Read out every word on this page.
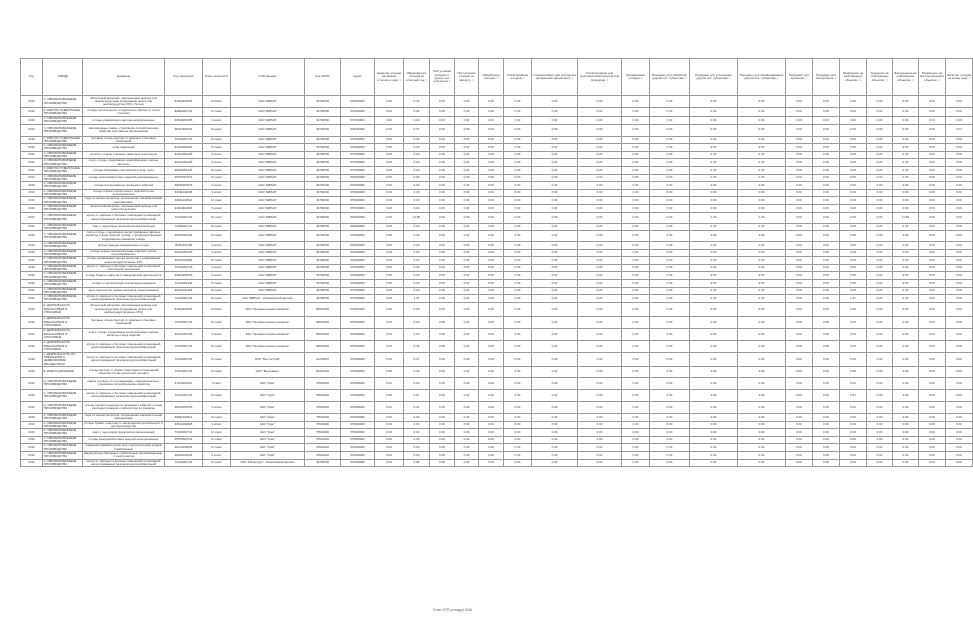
Год	ОКВЭД	Название	Код продукции	Класс опасности	Собственник	Код ОКПО	Адрес	Наличие отходов на начало отчетного года, т	Образовалось отходов за отчетный год, т	Поступление отходов от других хоз. субъектов, т	Поступление отходов по импорту, т	Обработано отходов, т	Утилизировано отходов, т	Утилизировано для повторного применения (рециклинг), т	Утилизировано для получения компонентов или продукции, т	Обезврежено отходов, т	Передано для обработки другим хоз. субъектам, т	Передано для утилизации другим хоз. субъектам, т	Передано для обезвреживания другим хоз. субъектам, т	Передано для хранения, т	Передано для захоронения, т	Размещено на собственных объектах, т	Хранение на собственных объектах, т	Захоронение на собственных объектах, т	Размещено на эксплуатируемых объектах, т	Наличие отходов на конец года, т
2016	C. ОБРАБАТЫВАЮЩИЕ ПРОИЗВОДСТВА	обтирочный материал, загрязненный нефтью или нефтепродуктами (содержание нефти или нефтепродуктов 15% и более)	91920402604	III класс	ОАО "ЕВРАЗ"	34766000	620026000	0.00	0.41	0.00	0.00	0.00	0.00	0.00	0.00	0.00	0.00	0.00	0.00	0.00	0.00	0.00	0.00	0.00	0.00	0.00
2016	F. РАБОТЫ ОТДЕЛОЧНЫЕ ПРОИЗВОДСТВА	отходы строительного и отделочного мусора от сноса строения	89000001724	IV класс	ОАО "ЕВРАЗ"	34766000	570000000	0.00	0.93	0.00	0.00	0.00	0.00	0.00	0.00	0.00	0.00	0.00	0.00	0.00	0.00	0.00	0.00	0.00	0.00	0.00
2016	C. ОБРАБАТЫВАЮЩИЕ ПРОИЗВОДСТВА	отходы упаковочного картона незагрязненные	40518201605	V класс	ОАО "ЕВРАЗ"	34766000	570000000	0.00	0.00	0.00	0.00	0.00	0.00	0.00	0.00	0.00	0.00	0.00	0.00	0.00	0.00	0.00	0.00	0.00	0.00	0.00
2016	C. ОБРАБАТЫВАЮЩИЕ ПРОИЗВОДСТВА	светодиодные лампы, утратившие потребительские свойства (при замене светильников)	48241501524	III класс	ОАО "ЕВРАЗ"	34766000	620026000	0.00	0.07	0.00	0.00	0.00	0.00	0.00	0.00	0.00	0.00	0.00	0.00	0.00	0.00	0.00	0.00	0.00	0.00	0.01
2016	F. РАБОТЫ ОТДЕЛОЧНЫЕ ПРОИЗВОДСТВА	бытовые отходы (мусор) от офисных и бытовых помещений	73310001724	IV класс	ОАО "ЕВРАЗ"	34766000	570000000	0.00	0.00	0.00	0.00	0.00	0.00	0.00	0.00	0.00	0.00	0.00	0.00	0.00	0.00	0.00	0.00	0.00	0.00	0.00
2016	C. ОБРАБАТЫВАЮЩИЕ ПРОИЗВОДСТВА	шлак сварочный	91910002204	IV класс	ОАО "ЕВРАЗ"	34766000	570000000	0.00	0.00	0.00	0.00	0.00	0.00	0.00	0.00	0.00	0.00	0.00	0.00	0.00	0.00	0.00	0.00	0.00	0.00	0.00
2016	C. ОБРАБАТЫВАЮЩИЕ ПРОИЗВОДСТВА	остатки и огарки стальных сварочных электродов	91910001205	V класс	ОАО "ЕВРАЗ"	34766000	570000000	0.00	0.00	0.00	0.00	0.00	0.00	0.00	0.00	0.00	0.00	0.00	0.00	0.00	0.00	0.00	0.00	0.00	0.00	0.00
2016	C. ОБРАБАТЫВАЮЩИЕ ПРОИЗВОДСТВА	лом и отходы, содержащие незагрязненные черные металлы	46101001205	V класс	ОАО "ЕВРАЗ"	34766000	570000000	0.00	0.00	0.00	0.00	0.00	0.00	0.00	0.00	0.00	0.00	0.00	0.00	0.00	0.00	0.00	0.00	0.00	0.00	0.00
2016	F. РАБОТЫ ОТДЕЛОЧНЫЕ ПРОИЗВОДСТВА	отходы абразивных материалов в виде пыли	45620051424	IV класс	ОАО "ЕВРАЗ"	34766000	570000000	0.00	0.00	0.00	0.00	0.00	0.00	0.00	0.00	0.00	0.00	0.00	0.00	0.00	0.00	0.00	0.00	0.00	0.00	0.00
2016	C. ОБРАБАТЫВАЮЩИЕ ПРОИЗВОДСТВА	отходы резиноасбестовых изделий незагрязненные	45570000714	IV класс	ОАО "ЕВРАЗ"	34766000	570000000	0.00	0.00	0.00	0.00	0.00	0.00	0.00	0.00	0.00	0.00	0.00	0.00	0.00	0.00	0.00	0.00	0.00	0.00	0.00
2016	C. ОБРАБАТЫВАЮЩИЕ ПРОИЗВОДСТВА	отходы изолированных проводов и кабелей	48230201525	V класс	ОАО "ЕВРАЗ"	34766000	570000000	0.00	0.00	0.00	0.00	0.00	0.00	0.00	0.00	0.00	0.00	0.00	0.00	0.00	0.00	0.00	0.00	0.00	0.00	0.00
2016	C. ОБРАБАТЫВАЮЩИЕ ПРОИЗВОДСТВА	отходы пленки полиэтилена и изделий из нее незагрязненные	43411002295	V класс	ОАО "ЕВРАЗ"	34766000	570000000	0.00	0.19	0.00	0.00	0.00	0.00	0.00	0.00	0.00	0.00	0.00	0.00	0.00	0.00	0.00	0.00	0.00	0.00	0.00
2016	C. ОБРАБАТЫВАЮЩИЕ ПРОИЗВОДСТВА	тара из черных металлов, загрязненная лакокрасочными материалами	46811202514	IV класс	ОАО "ЕВРАЗ"	34766000	570000000	0.00	0.00	0.00	0.00	0.00	0.00	0.00	0.00	0.00	0.00	0.00	0.00	0.00	0.00	0.00	0.00	0.00	0.00	0.00
2016	C. ОБРАБАТЫВАЮЩИЕ ПРОИЗВОДСТВА	обтирочный материал, загрязненный нефтью или нефтепродуктами	91920402604	III класс	ОАО "ЕВРАЗ"	34766000	570000000	0.00	0.00	0.00	0.00	0.00	0.00	0.00	0.00	0.00	0.00	0.00	0.00	0.00	0.00	0.00	0.00	0.00	0.00	0.00
2016	C. ОБРАБАТЫВАЮЩИЕ ПРОИЗВОДСТВА	мусор от офисных и бытовых помещений организаций несортированный (исключая крупногабаритный)	73310001724	IV класс	ОАО "ЕВРАЗ"	34766000	570000000	0.00	11.80	0.00	0.00	0.00	0.00	0.00	0.00	0.00	0.00	0.00	0.00	0.00	0.00	0.00	0.00	11.80	0.00	0.00
2016	C. ОБРАБАТЫВАЮЩИЕ ПРОИЗВОДСТВА	смет с территории предприятия малоопасный	73339001714	IV класс	ОАО "ЕВРАЗ"	34766000	620026000	0.00	0.00	0.00	0.00	0.00	0.00	0.00	0.00	0.00	0.00	0.00	0.00	0.00	0.00	0.00	0.00	0.00	0.00	0.00
2016	C. ОБРАБАТЫВАЮЩИЕ ПРОИЗВОДСТВА	лом и отходы, содержащие несортированные цветные металлы, в виде изделий, кусков, с преимущественным содержанием алюминия и меди	46200001204	IV класс	ОАО "ЕВРАЗ"	34766000	570000000	0.00	0.00	0.00	0.00	0.00	0.00	0.00	0.00	0.00	0.00	0.00	0.00	0.00	0.00	0.00	0.00	0.00	0.00	0.00
2016	C. ОБРАБАТЫВАЮЩИЕ ПРОИЗВОДСТВА	прочие твердые минеральные отходы	30051112105	V класс	ОАО "ЕВРАЗ"	34766000	570000000	0.00	0.00	0.00	0.00	0.00	0.00	0.00	0.00	0.00	0.00	0.00	0.00	0.00	0.00	0.00	0.00	0.00	0.00	0.00
2016	C. ОБРАБАТЫВАЮЩИЕ ПРОИЗВОДСТВА	отходы черных металлов в виде изделий, кусков, несортированные	46101001205	V класс	ОАО "ЕВРАЗ"	34766000	570000000	0.00	0.00	0.00	0.00	0.00	0.00	0.00	0.00	0.00	0.00	0.00	0.00	0.00	0.00	0.00	0.00	0.00	0.00	0.00
2016	C. ОБРАБАТЫВАЮЩИЕ ПРОИЗВОДСТВА	отходы шлифования черных металлов с содержанием нефтепродуктов менее 15%	36122102394	IV класс	ОАО "ЕВРАЗ"	34766000	570000000	0.00	0.00	0.00	0.00	0.00	0.00	0.00	0.00	0.00	0.00	0.00	0.00	0.00	0.00	0.00	0.00	0.00	0.00	0.00
2016	C. ОБРАБАТЫВАЮЩИЕ ПРОИЗВОДСТВА	мусор от офисных и бытовых помещений организаций практически неопасный	73310002725	V класс	ОАО "ЕВРАЗ"	34766000	570000000	0.00	0.00	0.00	0.00	0.00	0.00	0.00	0.00	0.00	0.00	0.00	0.00	0.00	0.00	0.00	0.00	0.00	0.00	0.00
2016	C. ОБРАБАТЫВАЮЩИЕ ПРОИЗВОДСТВА	отходы бумаги и картона от канцелярской деятельности	40512202605	V класс	ОАО "ЕВРАЗ"	34766000	570000000	0.00	0.00	0.00	0.00	0.00	0.00	0.00	0.00	0.00	0.00	0.00	0.00	0.00	0.00	0.00	0.00	0.00	0.00	0.00
2016	C. ОБРАБАТЫВАЮЩИЕ ПРОИЗВОДСТВА	отходы от эксплуатации систем водоотведения	72210001394	IV класс	ОАО "ЕВРАЗ"	34766000	570000000	0.00	0.00	0.00	0.00	0.00	0.00	0.00	0.00	0.00	0.00	0.00	0.00	0.00	0.00	0.00	0.00	0.00	0.00	0.00
2016	C. ОБРАБАТЫВАЮЩИЕ ПРОИЗВОДСТВА	пыль газоочистки черных металлов незагрязненная	36122101424	IV класс	ОАО "ЕВРАЗ"	34766000	570000000	0.00	0.00	0.00	0.00	0.00	0.00	0.00	0.00	0.00	0.00	0.00	0.00	0.00	0.00	0.00	0.00	0.00	0.00	0.00
2016	C. ОБРАБАТЫВАЮЩИЕ ПРОИЗВОДСТВА	мусор от офисных и бытовых помещений организаций несортированный (исключая крупногабаритный)	73310001724	IV класс	ОАО "ЕВРАЗ" - Качканарский филиал	34766000	570000000	0.00	1.37	0.00	0.00	0.00	0.00	0.00	0.00	0.00	0.00	0.00	0.00	0.00	0.00	1.37	0.00	0.00	0.00	0.00
2016	К. ДЕЯТЕЛЬНОСТЬ ФИНАНСОВАЯ И СТРАХОВАЯ	обтирочный материал, загрязненный нефтью или нефтепродуктами (содержание нефти или нефтепродуктов менее 15%)	91920402604	III класс	ЗАО "Промышленная компания"	56622000	570000000	0.00	0.00	0.00	0.00	0.00	0.00	0.00	0.00	0.00	0.00	0.00	0.00	0.00	0.00	0.00	0.00	0.00	0.00	0.00
2016	К. ДЕЯТЕЛЬНОСТЬ ФИНАНСОВАЯ И СТРАХОВАЯ	бытовые отходы (мусор) от офисных и бытовых помещений	73310001724	IV класс	ЗАО "Промышленная компания"	56622000	570000000	0.00	0.00	0.00	0.00	0.00	0.00	0.00	0.00	0.00	0.00	0.00	0.00	0.00	0.00	0.00	0.00	0.00	0.00	0.00
2016	К. ДЕЯТЕЛЬНОСТЬ ФИНАНСОВАЯ И СТРАХОВАЯ	лом и отходы, содержащие незагрязненные черные металлы в виде изделий	46101001205	V класс	ЗАО "Промышленная компания"	56622000	570000000	0.00	0.00	0.00	0.00	0.00	0.00	0.00	0.00	0.00	0.00	0.00	0.00	0.00	0.00	0.00	0.00	0.00	0.00	0.00
2016	К. ДЕЯТЕЛЬНОСТЬ ФИНАНСОВАЯ И СТРАХОВАЯ	мусор от офисных и бытовых помещений организаций несортированный (исключая крупногабаритный)	73310001724	IV класс	ЗАО "Промышленная компания"	56622000	570000000	0.00	0.35	0.00	0.00	0.00	0.00	0.00	0.00	0.00	0.00	0.00	0.00	0.00	0.00	0.00	0.00	0.00	0.00	0.00
2016	L. ДЕЯТЕЛЬНОСТЬ ПО ОПЕРАЦИЯМ С НЕДВИЖИМЫМ ИМУЩЕСТВОМ	мусор от офисных и бытовых помещений организаций несортированный (исключая крупногабаритный)	73310001724	IV класс	ОАО "Мостострой"	01234567	570000000	0.00	0.07	0.00	0.00	0.00	0.00	0.00	0.00	0.00	0.00	0.00	0.00	0.00	0.00	0.00	0.00	0.00	0.00	0.00
2016	Е. ВОДОСНАБЖЕНИЕ	отходы (мусор) от уборки территории и помещений объектов оптово-розничной торговли	73510001724	IV класс	ОАО "Водоканал"	54312000	570000000	0.00	0.00	0.00	0.00	0.00	0.00	0.00	0.00	0.00	0.00	0.00	0.00	0.00	0.00	0.00	0.00	0.00	0.00	0.00
2016	C. ОБРАБАТЫВАЮЩИЕ ПРОИЗВОДСТВА	лампы ртутные, ртутно-кварцевые, люминесцентные, утратившие потребительские свойства	47110101521	I класс	ЗАО "Урал"	76543000	570000000	0.00	0.00	0.00	0.00	0.00	0.00	0.00	0.00	0.00	0.00	0.00	0.00	0.00	0.00	0.00	0.00	0.00	0.00	0.00
2016	C. ОБРАБАТЫВАЮЩИЕ ПРОИЗВОДСТВА	мусор от офисных и бытовых помещений организаций несортированный (исключая крупногабаритный)	73310001724	IV класс	ЗАО "Урал"	76543000	570000000	0.00	0.67	0.00	0.00	0.00	0.00	0.00	0.00	0.00	0.00	0.00	0.00	0.00	0.00	0.67	0.00	0.00	0.00	0.00
2016	C. ОБРАБАТЫВАЮЩИЕ ПРОИЗВОДСТВА	отходы прочей продукции из проводов и кабелей; отходы изоляции проводов и кабелей при их разделке	48230201525	V класс	ЗАО "Урал"	76543000	570000000	0.00	0.22	0.00	0.00	0.00	0.00	0.00	0.00	0.00	0.00	0.00	0.00	0.00	0.00	0.00	0.00	0.00	0.00	0.00
2016	C. ОБРАБАТЫВАЮЩИЕ ПРОИЗВОДСТВА	тара из черных металлов, загрязненная лакокрасочными материалами	46811202514	IV класс	ЗАО "Урал"	76543000	570000000	0.00	0.00	0.00	0.00	0.00	0.00	0.00	0.00	0.00	0.00	0.00	0.00	0.00	0.00	0.00	0.00	0.00	0.00	0.00
2016	C. ОБРАБАТЫВАЮЩИЕ ПРОИЗВОДСТВА	отходы бумаги и картона от канцелярской деятельности и делопроизводства	40512202605	V класс	ЗАО "Урал"	76543000	570000000	0.00	0.00	0.00	0.00	0.00	0.00	0.00	0.00	0.00	0.00	0.00	0.00	0.00	0.00	0.00	0.00	0.00	0.00	0.00
2016	C. ОБРАБАТЫВАЮЩИЕ ПРОИЗВОДСТВА	смет с территории предприятия малоопасный	73339001714	IV класс	ЗАО "Урал"	76543000	570000000	0.00	0.00	0.00	0.00	0.00	0.00	0.00	0.00	0.00	0.00	0.00	0.00	0.00	0.00	0.00	0.00	0.00	0.00	0.00
2016	C. ОБРАБАТЫВАЮЩИЕ ПРОИЗВОДСТВА	отходы резиноасбестовых изделий незагрязненные	45570000714	IV класс	ЗАО "Урал"	76543000	570000000	0.00	0.00	0.00	0.00	0.00	0.00	0.00	0.00	0.00	0.00	0.00	0.00	0.00	0.00	0.00	0.00	0.00	0.00	0.00
2016	C. ОБРАБАТЫВАЮЩИЕ ПРОИЗВОДСТВА	покрышки пневматических шин с металлическим кордом отработанные	92113002504	IV класс	ЗАО "Урал"	76543000	570000000	0.00	0.00	0.00	0.00	0.00	0.00	0.00	0.00	0.00	0.00	0.00	0.00	0.00	0.00	0.00	0.00	0.00	0.00	0.00
2016	C. ОБРАБАТЫВАЮЩИЕ ПРОИЗВОДСТВА	аккумуляторы свинцовые отработанные неповрежденные, с электролитом	92011001532	II класс	ЗАО "Урал"	76543000	570000000	0.00	0.00	0.00	0.00	0.00	0.00	0.00	0.00	0.00	0.00	0.00	0.00	0.00	0.00	0.00	0.00	0.00	0.00	0.00
2016	C. ОБРАБАТЫВАЮЩИЕ ПРОИЗВОДСТВА	мусор от офисных и бытовых помещений организаций несортированный (исключая крупногабаритный)	73310001724	IV класс	ОАО "Металлург" - Березовский филиал	34766000	570000000	0.00	0.95	0.00	0.00	0.00	0.00	0.00	0.00	0.00	0.00	0.00	0.00	0.00	0.00	0.00	0.00	0.00	0.00	0.00
Отчет 2ТП (отходы) 2016
